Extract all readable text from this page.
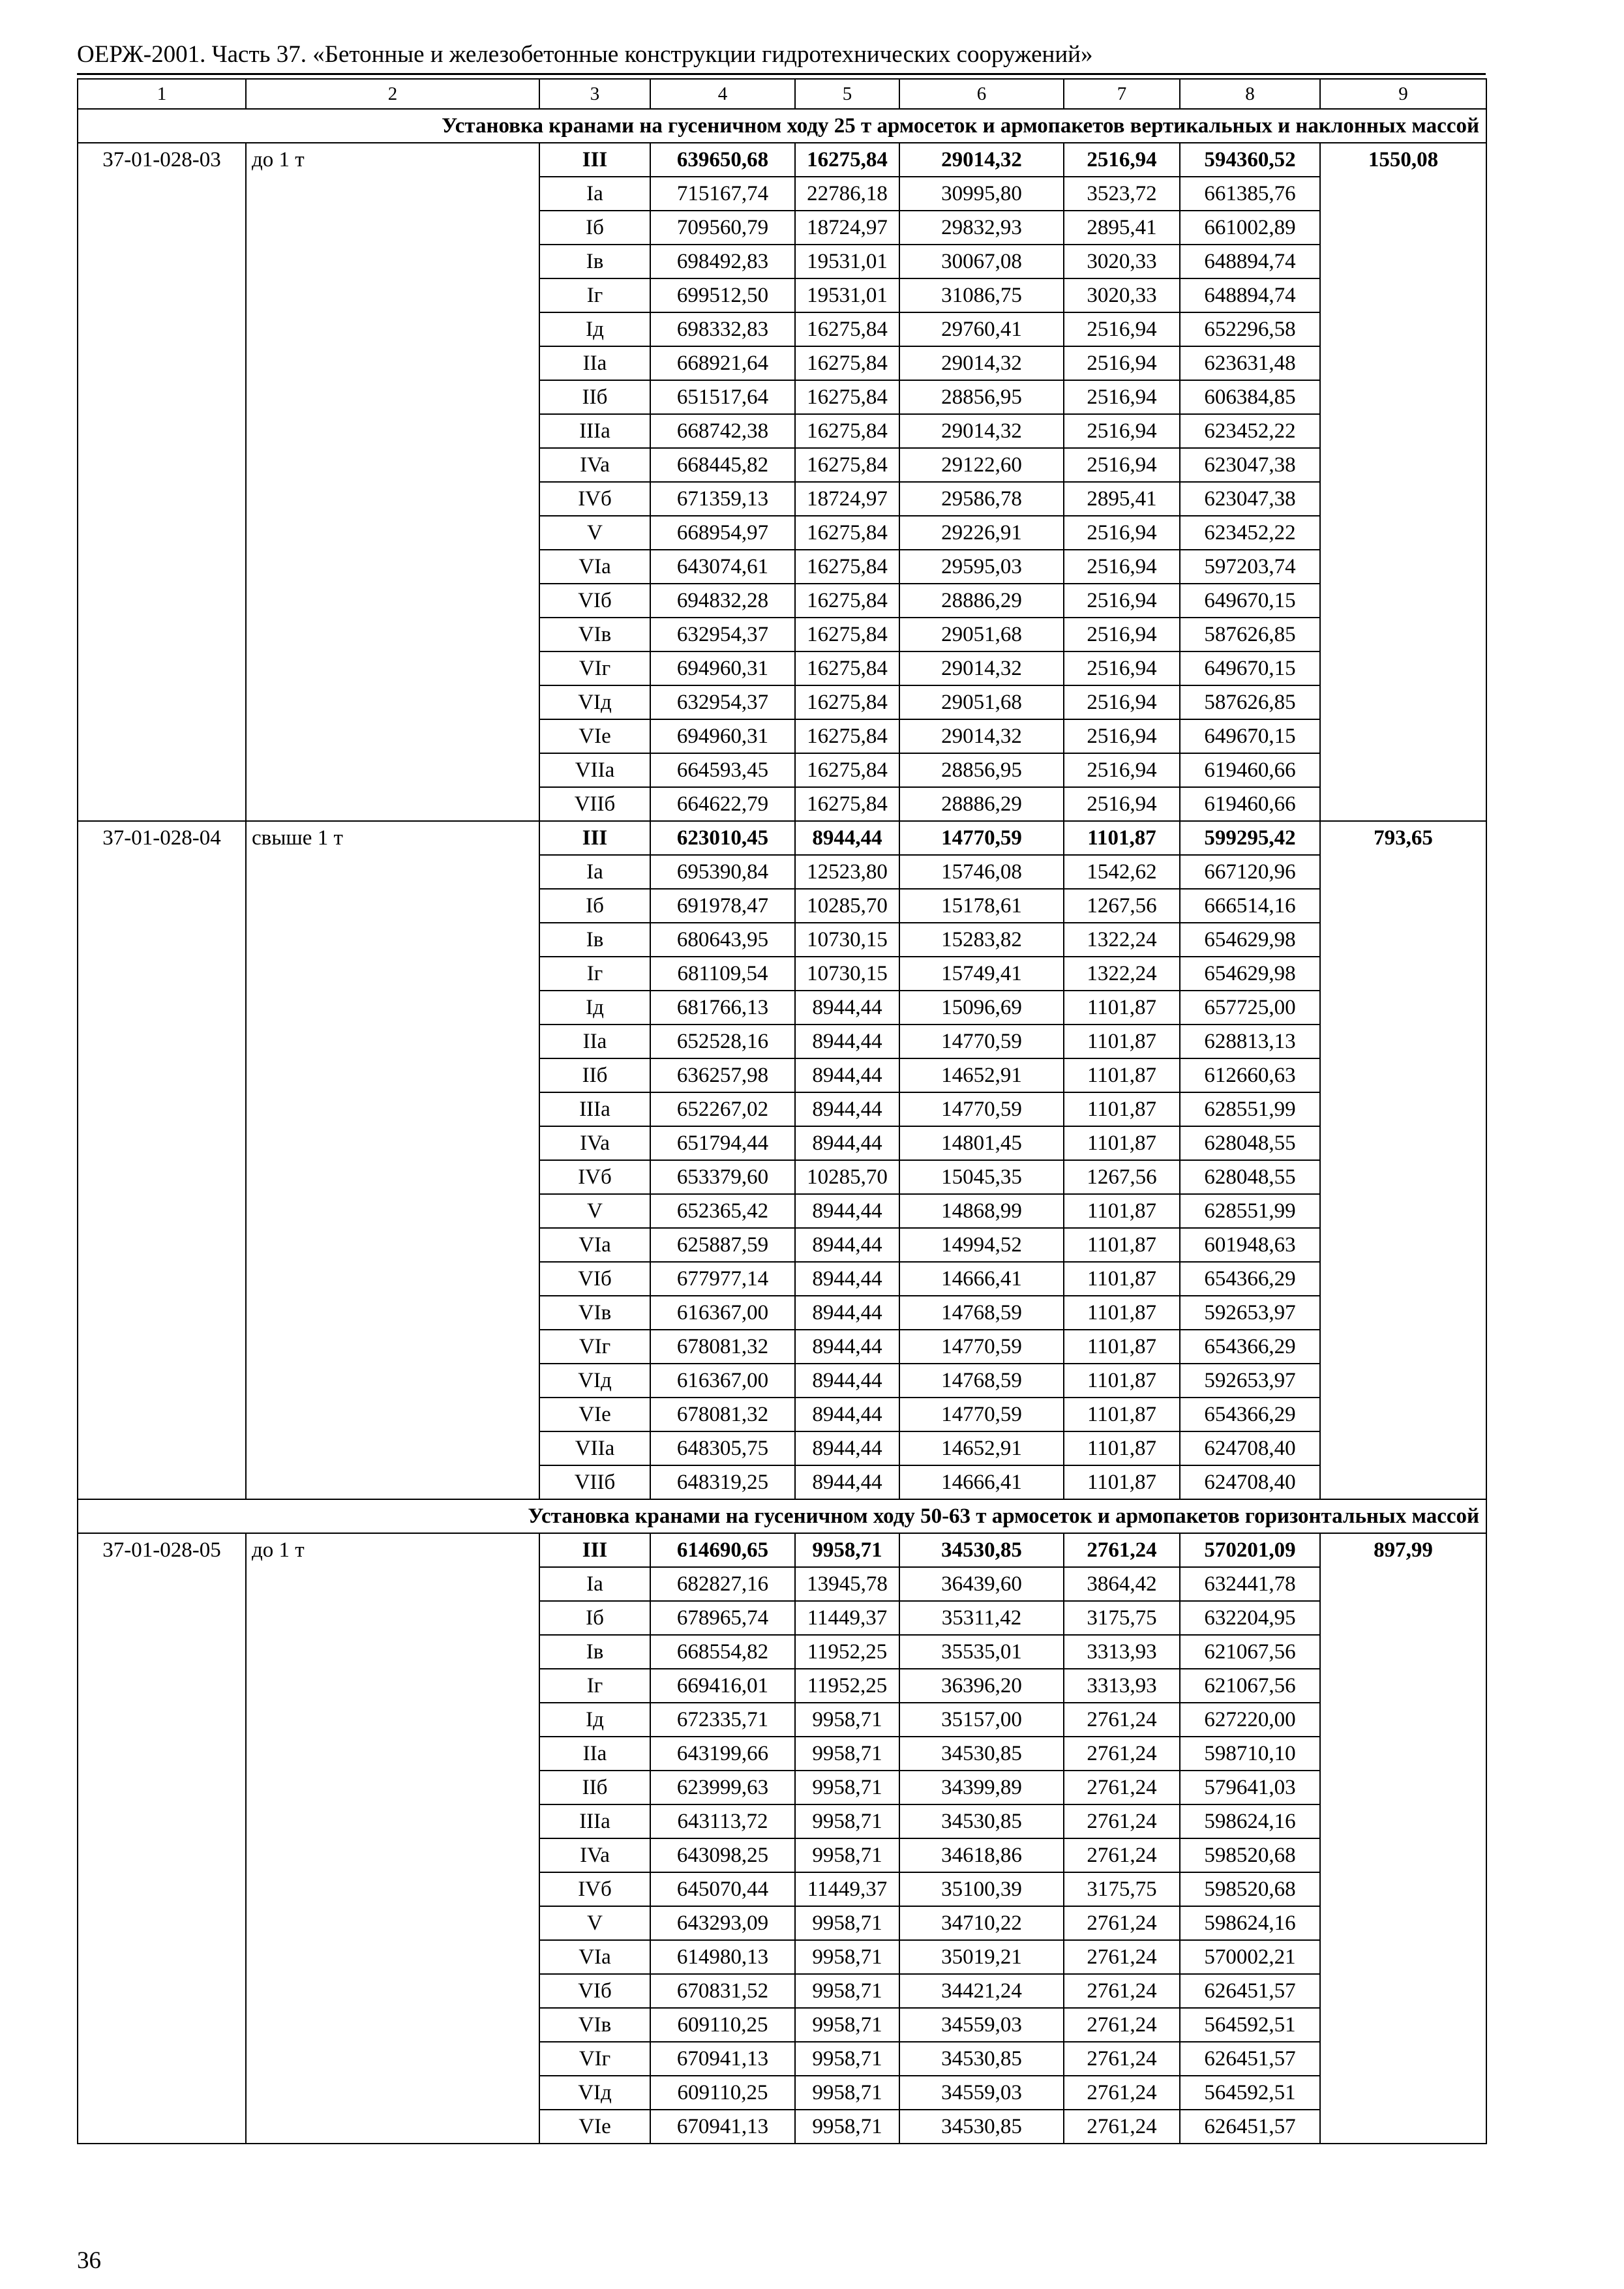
ОЕРЖ-2001. Часть 37. «Бетонные и железобетонные конструкции гидротехнических сооружений»
1	2	3	4	5	6	7	8	9
Установка кранами на гусеничном ходу 25 т армосеток и армопакетов вертикальных и наклонных массой								
37-01-028-03	до 1 т	III	639650,68	16275,84	29014,32	2516,94	594360,52	1550,08
		Ia	715167,74	22786,18	30995,80	3523,72	661385,76	
		Iб	709560,79	18724,97	29832,93	2895,41	661002,89	
		Iв	698492,83	19531,01	30067,08	3020,33	648894,74	
		Iг	699512,50	19531,01	31086,75	3020,33	648894,74	
		Iд	698332,83	16275,84	29760,41	2516,94	652296,58	
		IIa	668921,64	16275,84	29014,32	2516,94	623631,48	
		IIб	651517,64	16275,84	28856,95	2516,94	606384,85	
		IIIa	668742,38	16275,84	29014,32	2516,94	623452,22	
		IVa	668445,82	16275,84	29122,60	2516,94	623047,38	
		IVб	671359,13	18724,97	29586,78	2895,41	623047,38	
		V	668954,97	16275,84	29226,91	2516,94	623452,22	
		VIa	643074,61	16275,84	29595,03	2516,94	597203,74	
		VIб	694832,28	16275,84	28886,29	2516,94	649670,15	
		VIв	632954,37	16275,84	29051,68	2516,94	587626,85	
		VIг	694960,31	16275,84	29014,32	2516,94	649670,15	
		VIд	632954,37	16275,84	29051,68	2516,94	587626,85	
		VIe	694960,31	16275,84	29014,32	2516,94	649670,15	
		VIIa	664593,45	16275,84	28856,95	2516,94	619460,66	
		VIIб	664622,79	16275,84	28886,29	2516,94	619460,66	
37-01-028-04	свыше 1 т	III	623010,45	8944,44	14770,59	1101,87	599295,42	793,65
		Ia	695390,84	12523,80	15746,08	1542,62	667120,96	
		Iб	691978,47	10285,70	15178,61	1267,56	666514,16	
		Iв	680643,95	10730,15	15283,82	1322,24	654629,98	
		Iг	681109,54	10730,15	15749,41	1322,24	654629,98	
		Iд	681766,13	8944,44	15096,69	1101,87	657725,00	
		IIa	652528,16	8944,44	14770,59	1101,87	628813,13	
		IIб	636257,98	8944,44	14652,91	1101,87	612660,63	
		IIIa	652267,02	8944,44	14770,59	1101,87	628551,99	
		IVa	651794,44	8944,44	14801,45	1101,87	628048,55	
		IVб	653379,60	10285,70	15045,35	1267,56	628048,55	
		V	652365,42	8944,44	14868,99	1101,87	628551,99	
		VIa	625887,59	8944,44	14994,52	1101,87	601948,63	
		VIб	677977,14	8944,44	14666,41	1101,87	654366,29	
		VIв	616367,00	8944,44	14768,59	1101,87	592653,97	
		VIг	678081,32	8944,44	14770,59	1101,87	654366,29	
		VIд	616367,00	8944,44	14768,59	1101,87	592653,97	
		VIe	678081,32	8944,44	14770,59	1101,87	654366,29	
		VIIa	648305,75	8944,44	14652,91	1101,87	624708,40	
		VIIб	648319,25	8944,44	14666,41	1101,87	624708,40	
Установка кранами на гусеничном ходу 50-63 т армосеток и армопакетов горизонтальных массой								
37-01-028-05	до 1 т	III	614690,65	9958,71	34530,85	2761,24	570201,09	897,99
		Ia	682827,16	13945,78	36439,60	3864,42	632441,78	
		Iб	678965,74	11449,37	35311,42	3175,75	632204,95	
		Iв	668554,82	11952,25	35535,01	3313,93	621067,56	
		Iг	669416,01	11952,25	36396,20	3313,93	621067,56	
		Iд	672335,71	9958,71	35157,00	2761,24	627220,00	
		IIa	643199,66	9958,71	34530,85	2761,24	598710,10	
		IIб	623999,63	9958,71	34399,89	2761,24	579641,03	
		IIIa	643113,72	9958,71	34530,85	2761,24	598624,16	
		IVa	643098,25	9958,71	34618,86	2761,24	598520,68	
		IVб	645070,44	11449,37	35100,39	3175,75	598520,68	
		V	643293,09	9958,71	34710,22	2761,24	598624,16	
		VIa	614980,13	9958,71	35019,21	2761,24	570002,21	
		VIб	670831,52	9958,71	34421,24	2761,24	626451,57	
		VIв	609110,25	9958,71	34559,03	2761,24	564592,51	
		VIг	670941,13	9958,71	34530,85	2761,24	626451,57	
		VIд	609110,25	9958,71	34559,03	2761,24	564592,51	
		VIe	670941,13	9958,71	34530,85	2761,24	626451,57	
36
